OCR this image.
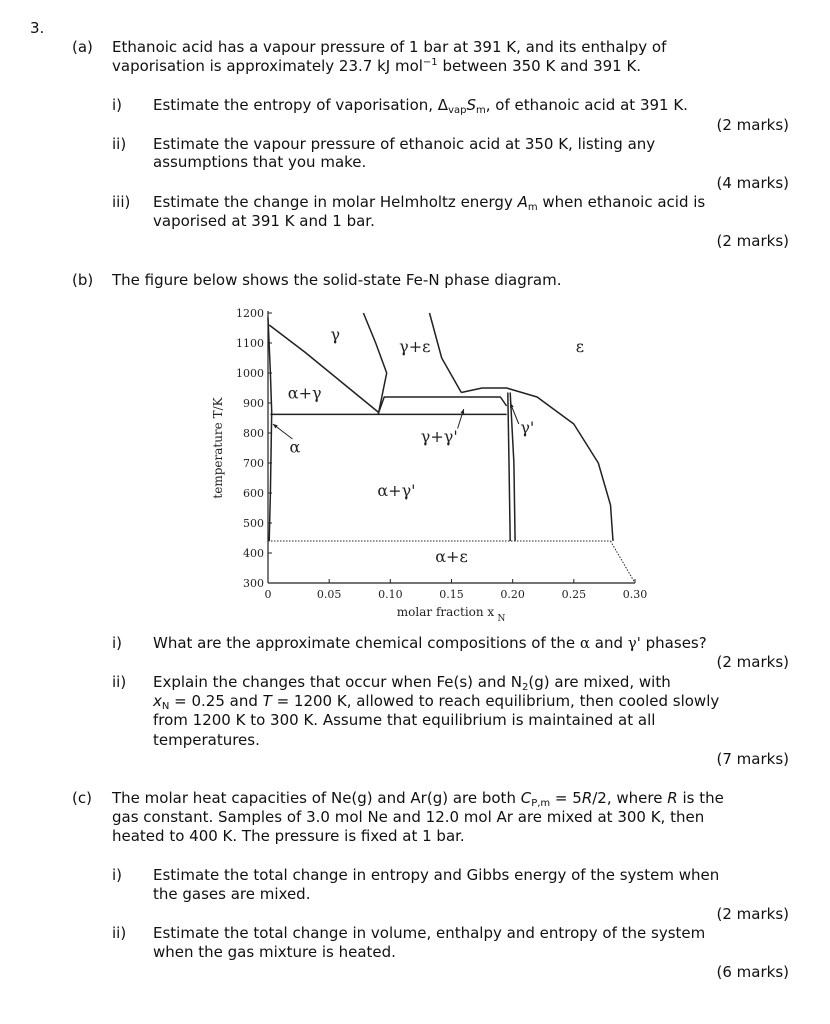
3.
(a) Ethanoic acid has a vapour pressure of 1 bar at 391 K, and its enthalpy of
vaporisation is approximately 23.7 kJ mol$^{-1}$ between 350 K and 391 K.
i) Estimate the entropy of vaporisation, $\Delta_{vap}S_m$, of ethanoic acid at 391 K.
(2 marks)
ii) Estimate the vapour pressure of ethanoic acid at 350 K, listing any
assumptions that you make.
(4 marks)
iii) Estimate the change in molar Helmholtz energy $A_m$ when ethanoic acid is
vaporised at 391 K and 1 bar.
(2 marks)
(b) The figure below shows the solid-state Fe-N phase diagram.
300
400
500
600
700
800
900
1000
1100
1200
0	0.05	0.10	0.15	0.20	0.25	0.30
temperature T/K
molar fraction x N
γ
γ+ε	ε
α+γ
α
γ+γ'	γ'
α+γ'
α+ε
i) What are the approximate chemical compositions of the α and γ' phases?
(2 marks)
ii) Explain the changes that occur when Fe(s) and $N_2(g)$ are mixed, with
$x_N = 0.25$ and T = 1200 K, allowed to reach equilibrium, then cooled slowly
from 1200 K to 300 K. Assume that equilibrium is maintained at all
temperatures.
(7 marks)
(c) The molar heat capacities of Ne(g) and Ar(g) are both $C_{P,m} = 5R/2$, where R is the
gas constant. Samples of 3.0 mol Ne and 12.0 mol Ar are mixed at 300 K, then
heated to 400 K. The pressure is fixed at 1 bar.
i) Estimate the total change in entropy and Gibbs energy of the system when
the gases are mixed.
(2 marks)
ii) Estimate the total change in volume, enthalpy and entropy of the system
when the gas mixture is heated.
(6 marks)
